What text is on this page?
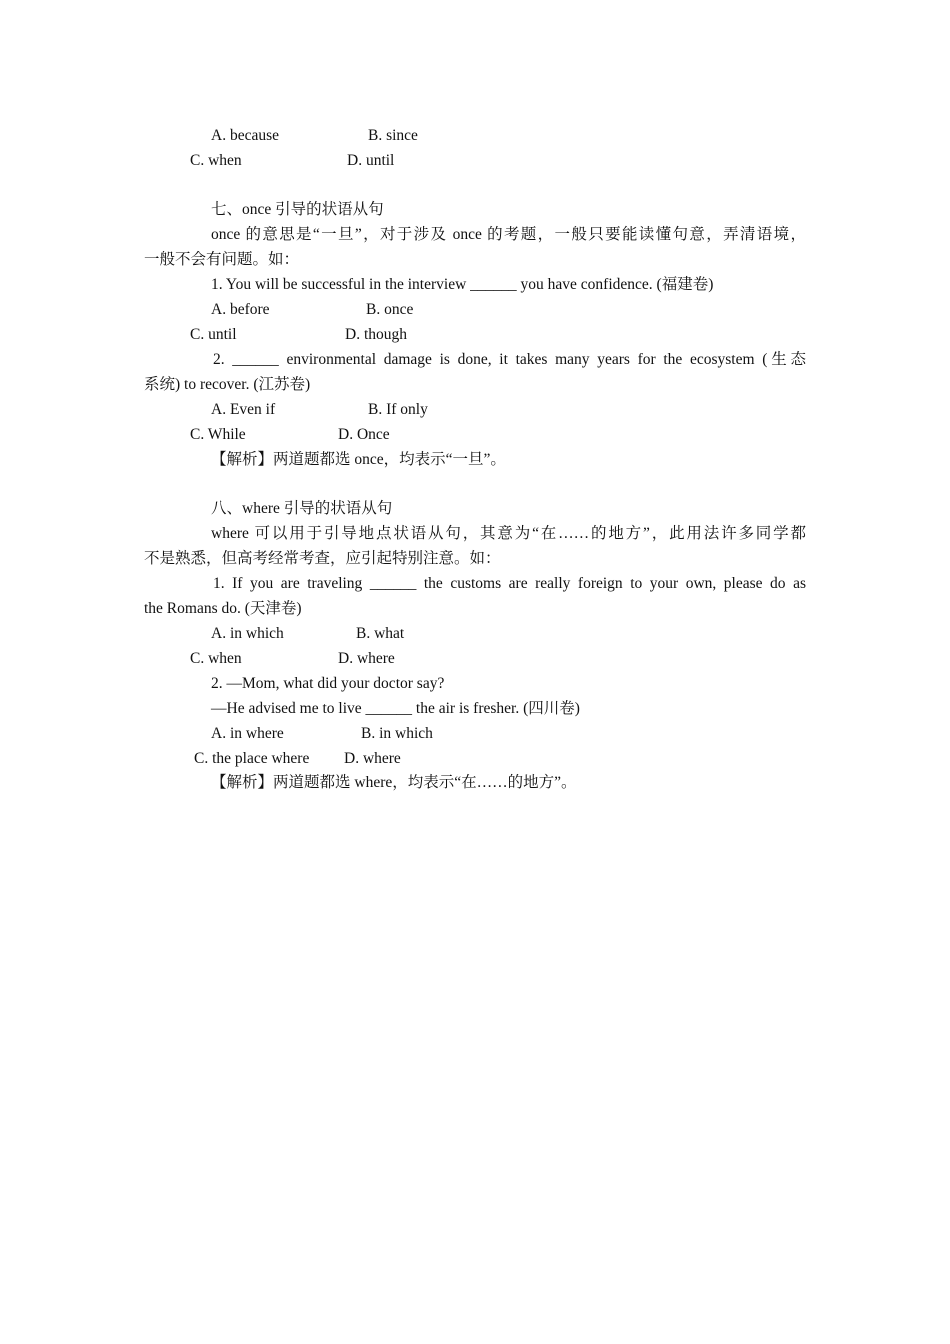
A. because	B. since
C. when	D. until
七、once 引导的状语从句
once 的意思是“一旦”，对于涉及 once 的考题，一般只要能读懂句意，弄清语境，
一般不会有问题。如：
1. You will be successful in the interview ______ you have confidence. (福建卷)
A. before	B. once
C. until	D. though
2. ______ environmental damage is done, it takes many years for the ecosystem (生态
系统) to recover. (江苏卷)
A. Even if	B. If only
C. While	D. Once
【解析】两道题都选 once，均表示“一旦”。
八、where 引导的状语从句
where 可以用于引导地点状语从句，其意为“在……的地方”，此用法许多同学都
不是熟悉，但高考经常考查，应引起特别注意。如：
1. If you are traveling ______ the customs are really foreign to your own, please do as
the Romans do. (天津卷)
A. in which	B. what
C. when	D. where
2. —Mom, what did your doctor say?
—He advised me to live ______ the air is fresher. (四川卷)
A. in where	B. in which
C. the place where D. where
【解析】两道题都选 where，均表示“在……的地方”。
